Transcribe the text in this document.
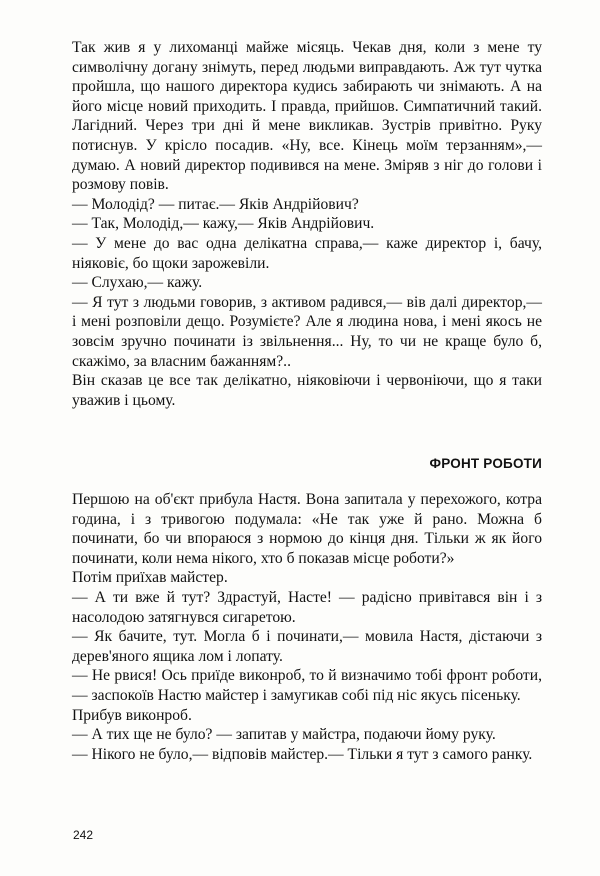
Так жив я у лихоманці майже місяць. Чекав дня, коли з мене ту символічну догану знімуть, перед людьми виправдають. Аж тут чутка пройшла, що нашого директора кудись забирають чи знімають. А на його місце новий приходить. І правда, прийшов. Симпатичний такий. Лагідний. Через три дні й мене викликав. Зустрів привітно. Руку потиснув. У крісло посадив. «Ну, все. Кінець моїм терзанням»,— думаю. А новий директор подивився на мене. Зміряв з ніг до голови і розмову повів.

— Молодід? — питає.— Яків Андрійович?

— Так, Молодід,— кажу,— Яків Андрійович.

— У мене до вас одна делікатна справа,— каже директор і, бачу, ніяковіє, бо щоки зарожевіли.

— Слухаю,— кажу.

— Я тут з людьми говорив, з активом радився,— вів далі директор,— і мені розповіли дещо. Розумієте? Але я людина нова, і мені якось не зовсім зручно починати із звільнення... Ну, то чи не краще було б, скажімо, за власним бажанням?..

Він сказав це все так делікатно, ніяковіючи і червоніючи, що я таки уважив і цьому.

ФРОНТ РОБОТИ

Першою на об'єкт прибула Настя. Вона запитала у перехожого, котра година, і з тривогою подумала: «Не так уже й рано. Можна б починати, бо чи впораюся з нормою до кінця дня. Тільки ж як його починати, коли нема нікого, хто б показав місце роботи?»

Потім приїхав майстер.

— А ти вже й тут? Здрастуй, Насте! — радісно привітався він і з насолодою затягнувся сигаретою.

— Як бачите, тут. Могла б і починати,— мовила Настя, дістаючи з дерев'яного ящика лом і лопату.

— Не рвися! Ось приїде виконроб, то й визначимо тобі фронт роботи,— заспокоїв Настю майстер і замугикав собі під ніс якусь пісеньку.

Прибув виконроб.

— А тих ще не було? — запитав у майстра, подаючи йому руку.

— Нікого не було,— відповів майстер.— Тільки я тут з самого ранку.

242
